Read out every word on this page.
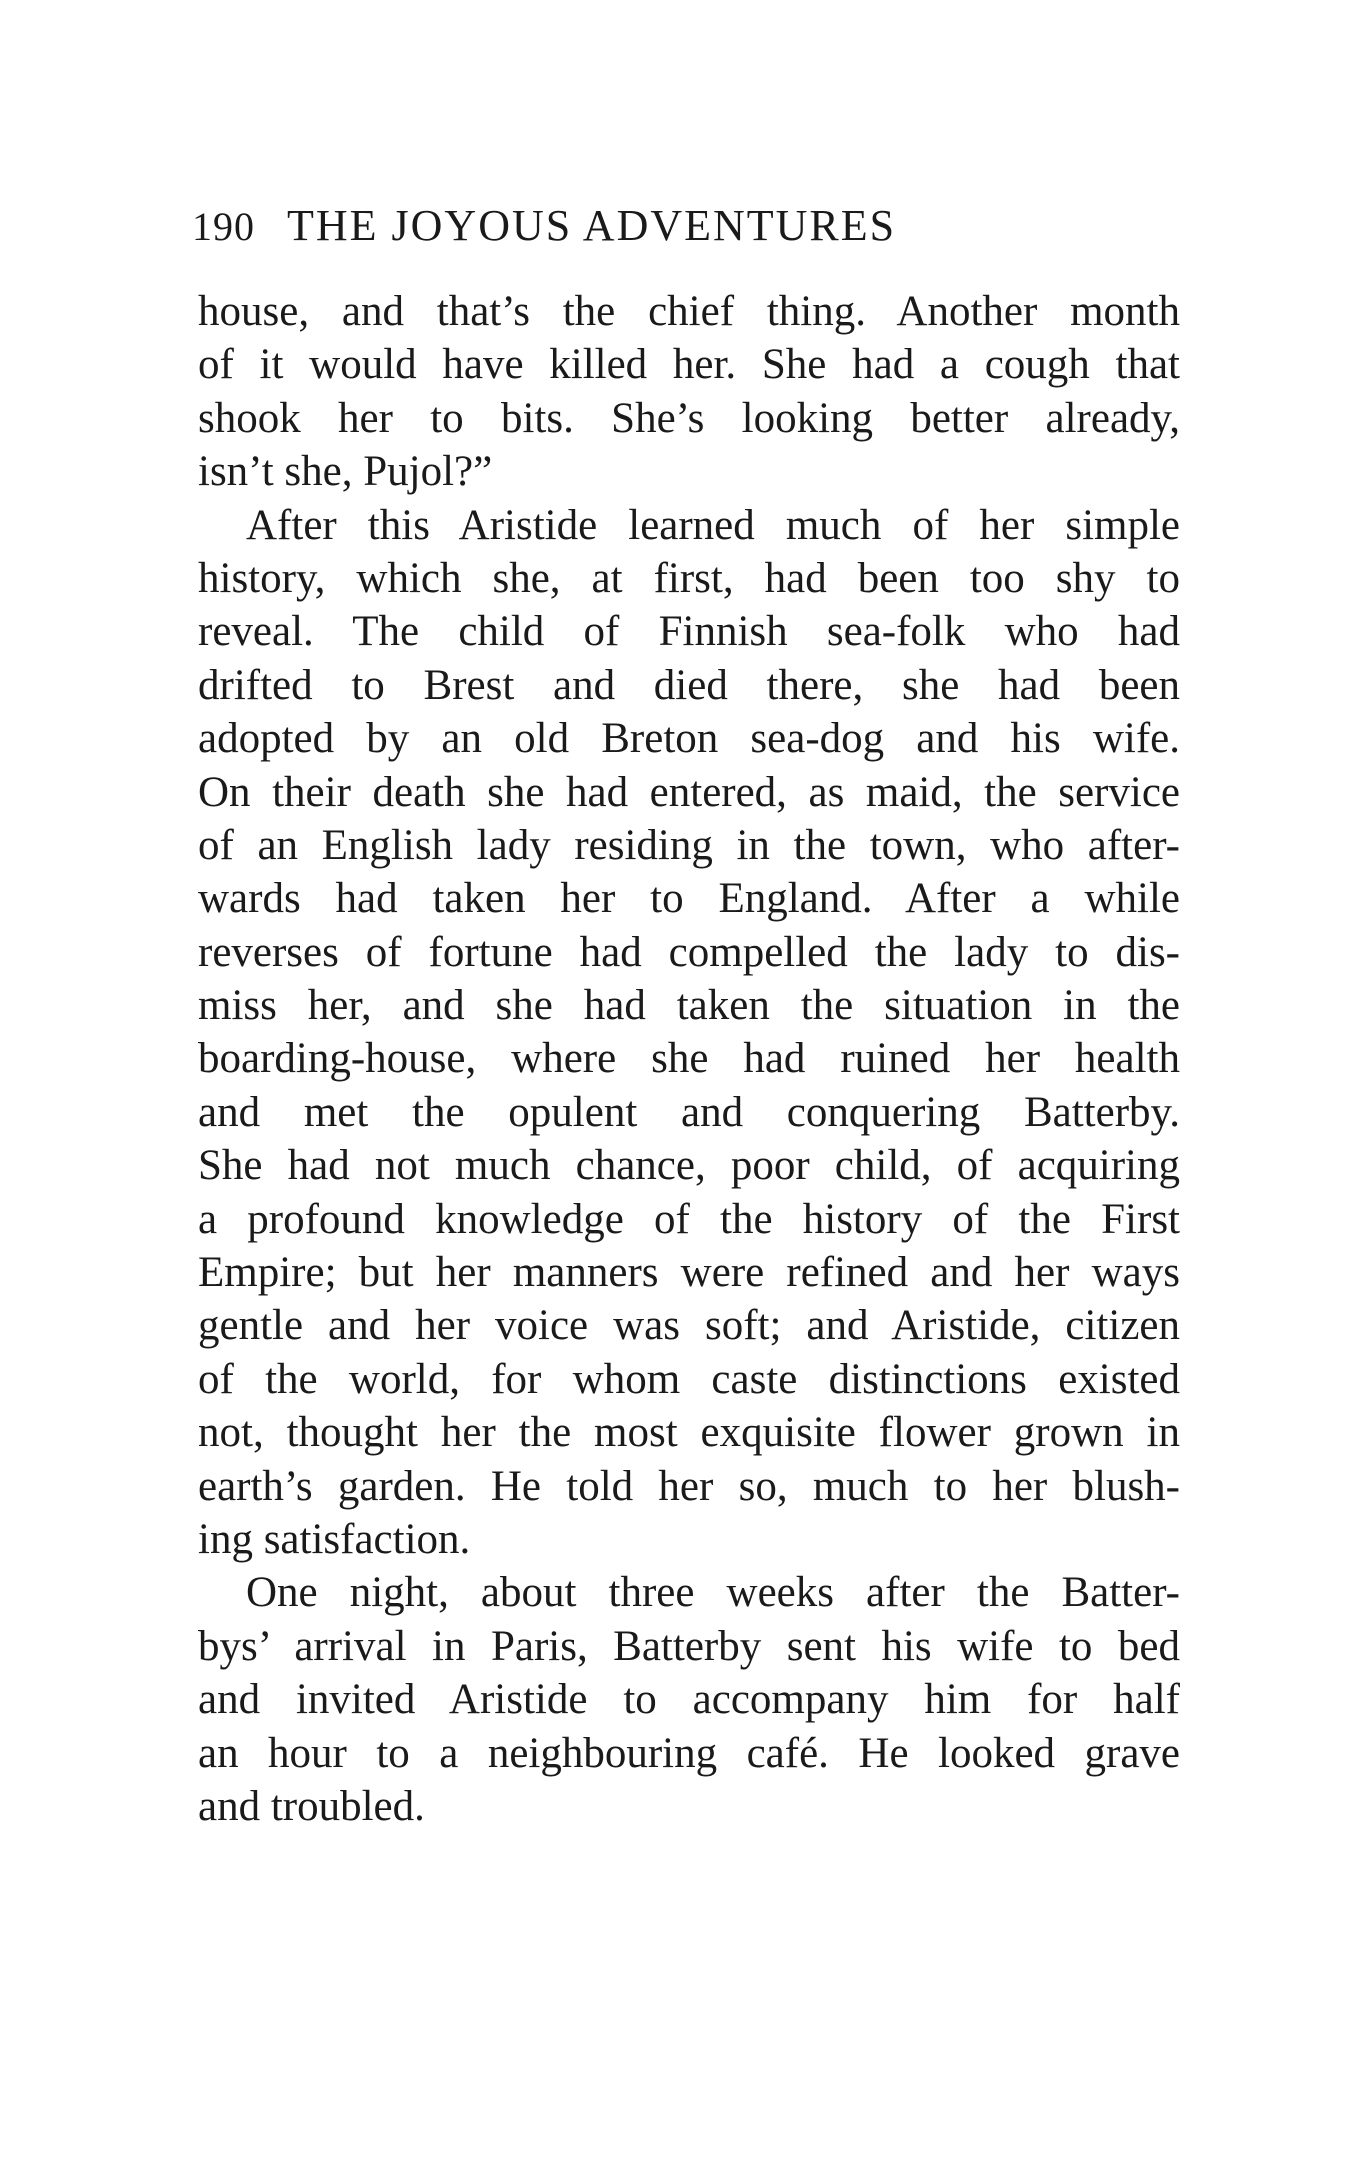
190 THE JOYOUS ADVENTURES
house, and that’s the chief thing. Another month
of it would have killed her. She had a cough that
shook her to bits. She’s looking better already,
isn’t she, Pujol?”
After this Aristide learned much of her simple
history, which she, at first, had been too shy to
reveal. The child of Finnish sea-folk who had
drifted to Brest and died there, she had been
adopted by an old Breton sea-dog and his wife.
On their death she had entered, as maid, the service
of an English lady residing in the town, who after-
wards had taken her to England. After a while
reverses of fortune had compelled the lady to dis-
miss her, and she had taken the situation in the
boarding-house, where she had ruined her health
and met the opulent and conquering Batterby.
She had not much chance, poor child, of acquiring
a profound knowledge of the history of the First
Empire; but her manners were refined and her ways
gentle and her voice was soft; and Aristide, citizen
of the world, for whom caste distinctions existed
not, thought her the most exquisite flower grown in
earth’s garden. He told her so, much to her blush-
ing satisfaction.
One night, about three weeks after the Batter-
bys’ arrival in Paris, Batterby sent his wife to bed
and invited Aristide to accompany him for half
an hour to a neighbouring café. He looked grave
and troubled.
